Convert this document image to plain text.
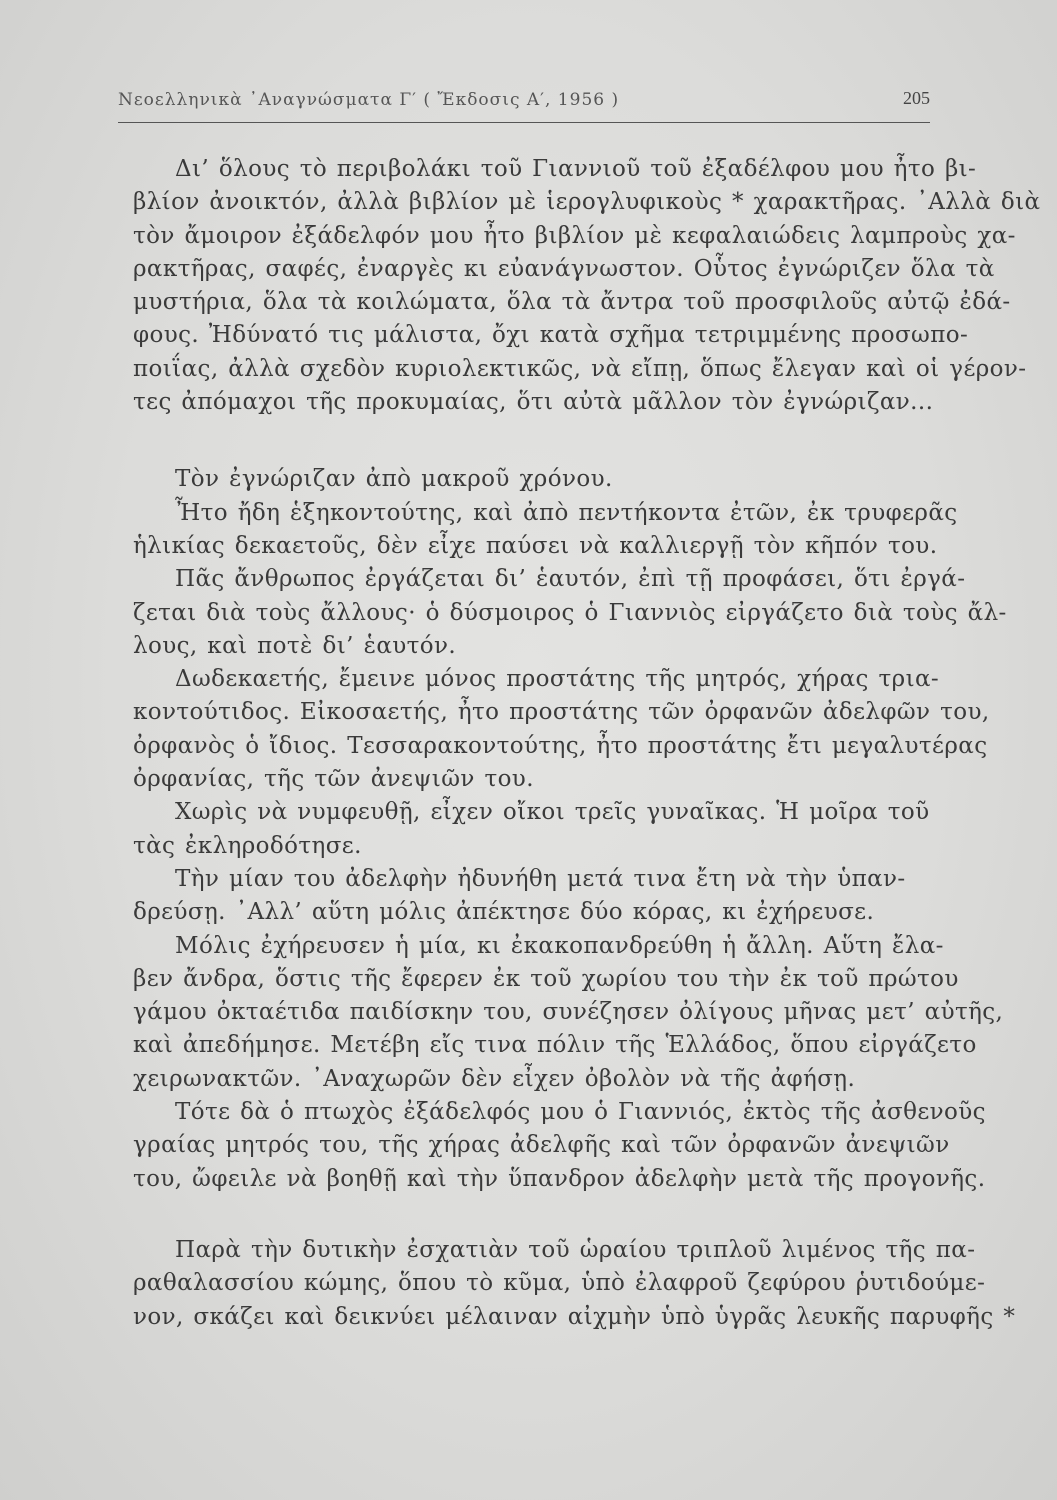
Νεοελληνικὰ ᾿Αναγνώσματα Γ′ ( Ἔκδοσις Α′, 1956 )	205
Δι’ ὅλους τὸ περιβολάκι τοῦ Γιαννιοῦ τοῦ ἐξαδέλφου μου ἦτο βι-
βλίον ἀνοικτόν, ἀλλὰ βιβλίον μὲ ἱερογλυφικοὺς * χαρακτῆρας. ᾿Αλλὰ διὰ
τὸν ἄμοιρον ἐξάδελφόν μου ἦτο βιβλίον μὲ κεφαλαιώδεις λαμπροὺς χα-
ρακτῆρας, σαφές, ἐναργὲς κι εὐανάγνωστον. Οὗτος ἐγνώριζεν ὅλα τὰ
μυστήρια, ὅλα τὰ κοιλώματα, ὅλα τὰ ἄντρα τοῦ προσφιλοῦς αὐτῷ ἐδά-
φους. Ἠδύνατό τις μάλιστα, ὄχι κατὰ σχῆμα τετριμμένης προσωπο-
ποιΐας, ἀλλὰ σχεδὸν κυριολεκτικῶς, νὰ εἴπῃ, ὅπως ἔλεγαν καὶ οἱ γέρον-
τες ἀπόμαχοι τῆς προκυμαίας, ὅτι αὐτὰ μᾶλλον τὸν ἐγνώριζαν...
Τὸν ἐγνώριζαν ἀπὸ μακροῦ χρόνου.
Ἦτο ἤδη ἑξηκοντούτης, καὶ ἀπὸ πεντήκοντα ἐτῶν, ἐκ τρυφερᾶς
ἡλικίας δεκαετοῦς, δὲν εἶχε παύσει νὰ καλλιεργῇ τὸν κῆπόν του.
Πᾶς ἄνθρωπος ἐργάζεται δι’ ἑαυτόν, ἐπὶ τῇ προφάσει, ὅτι ἐργά-
ζεται διὰ τοὺς ἄλλους· ὁ δύσμοιρος ὁ Γιαννιὸς εἰργάζετο διὰ τοὺς ἄλ-
λους, καὶ ποτὲ δι’ ἑαυτόν.
Δωδεκαετής, ἔμεινε μόνος προστάτης τῆς μητρός, χήρας τρια-
κοντούτιδος. Εἰκοσαετής, ἦτο προστάτης τῶν ὀρφανῶν ἀδελφῶν του,
ὀρφανὸς ὁ ἴδιος. Τεσσαρακοντούτης, ἦτο προστάτης ἔτι μεγαλυτέρας
ὀρφανίας, τῆς τῶν ἀνεψιῶν του.
Χωρὶς νὰ νυμφευθῇ, εἶχεν οἴκοι τρεῖς γυναῖκας. Ἡ μοῖρα τοῦ
τὰς ἐκληροδότησε.
Τὴν μίαν του ἀδελφὴν ἠδυνήθη μετά τινα ἔτη νὰ τὴν ὑπαν-
δρεύσῃ. ᾿Αλλ’ αὕτη μόλις ἀπέκτησε δύο κόρας, κι ἐχήρευσε.
Μόλις ἐχήρευσεν ἡ μία, κι ἐκακοπανδρεύθη ἡ ἄλλη. Αὕτη ἔλα-
βεν ἄνδρα, ὅστις τῆς ἔφερεν ἐκ τοῦ χωρίου του τὴν ἐκ τοῦ πρώτου
γάμου ὀκταέτιδα παιδίσκην του, συνέζησεν ὀλίγους μῆνας μετ’ αὐτῆς,
καὶ ἀπεδήμησε. Μετέβη εἴς τινα πόλιν τῆς Ἑλλάδος, ὅπου εἰργάζετο
χειρωνακτῶν. ᾿Αναχωρῶν δὲν εἶχεν ὀβολὸν νὰ τῆς ἀφήσῃ.
Τότε δὰ ὁ πτωχὸς ἐξάδελφός μου ὁ Γιαννιός, ἐκτὸς τῆς ἀσθενοῦς
γραίας μητρός του, τῆς χήρας ἀδελφῆς καὶ τῶν ὀρφανῶν ἀνεψιῶν
του, ὤφειλε νὰ βοηθῇ καὶ τὴν ὕπανδρον ἀδελφὴν μετὰ τῆς προγονῆς.
Παρὰ τὴν δυτικὴν ἐσχατιὰν τοῦ ὡραίου τριπλοῦ λιμένος τῆς πα-
ραθαλασσίου κώμης, ὅπου τὸ κῦμα, ὑπὸ ἐλαφροῦ ζεφύρου ῥυτιδούμε-
νον, σκάζει καὶ δεικνύει μέλαιναν αἰχμὴν ὑπὸ ὑγρᾶς λευκῆς παρυφῆς *
